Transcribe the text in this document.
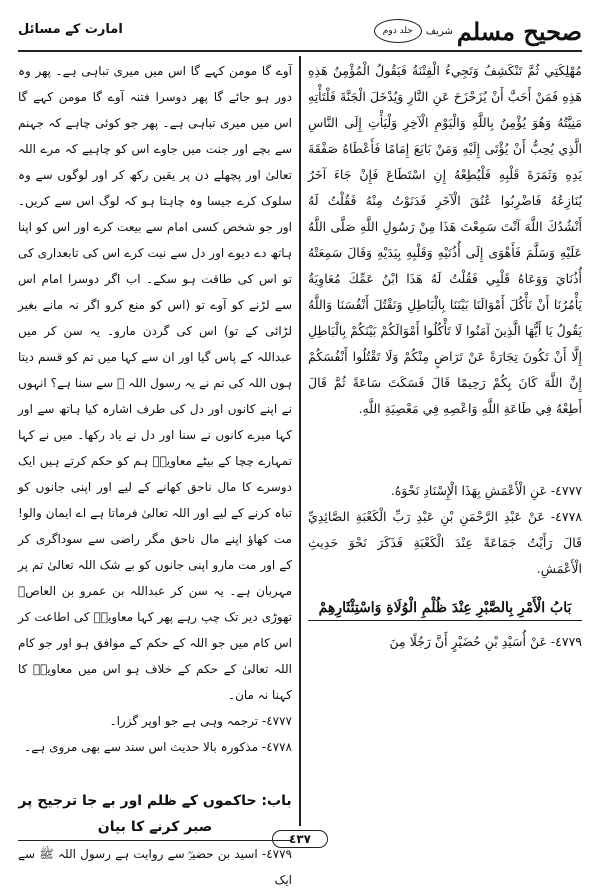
جلد دوم	شریف صحیح مسلم
امارت کے مسائل

مُهْلِكَتِي ثُمَّ تَنْكَشِفُ وَتَجِيءُ الْفِتْنَةُ فَيَقُولُ الْمُؤْمِنُ هَذِهِ هَذِهِ فَمَنْ أَحَبَّ أَنْ يُزَحْزَحَ عَنِ النَّارِ وَيُدْخَلَ الْجَنَّةَ فَلْتَأْتِهِ مَنِيَّتُهُ وَهُوَ يُؤْمِنُ بِاللَّهِ وَالْيَوْمِ الْآخِرِ وَلْيَأْتِ إِلَى النَّاسِ الَّذِي يُحِبُّ أَنْ يُؤْتَى إِلَيْهِ وَمَنْ بَايَعَ إِمَامًا فَأَعْطَاهُ صَفْقَةَ يَدِهِ وَثَمَرَةَ قَلْبِهِ فَلْيُطِعْهُ إِنِ اسْتَطَاعَ فَإِنْ جَاءَ آخَرُ يُنَازِعُهُ فَاضْرِبُوا عُنُقَ الْآخَرِ فَدَنَوْتُ مِنْهُ فَقُلْتُ لَهُ أَنْشُدُكَ اللَّهَ آنْتَ سَمِعْتَ هَذَا مِنْ رَسُولِ اللَّهِ صَلَّى اللَّهُ عَلَيْهِ وَسَلَّمَ فَأَهْوَى إِلَى أُذُنَيْهِ وَقَلْبِهِ بِيَدَيْهِ وَقَالَ سَمِعَتْهُ أُذُنَايَ وَوَعَاهُ قَلْبِي فَقُلْتُ لَهُ هَذَا ابْنُ عَمِّكَ مُعَاوِيَةُ يَأْمُرُنَا أَنْ نَأْكُلَ أَمْوَالَنَا بَيْنَنَا بِالْبَاطِلِ وَنَقْتُلَ أَنْفُسَنَا وَاللَّهُ يَقُولُ يَا أَيُّهَا الَّذِينَ آمَنُوا لَا تَأْكُلُوا أَمْوَالَكُمْ بَيْنَكُمْ بِالْبَاطِلِ إِلَّا أَنْ تَكُونَ تِجَارَةً عَنْ تَرَاضٍ مِنْكُمْ وَلَا تَقْتُلُوا أَنْفُسَكُمْ إِنَّ اللَّهَ كَانَ بِكُمْ رَحِيمًا قَالَ فَسَكَتَ سَاعَةً ثُمَّ قَالَ أَطِعْهُ فِي طَاعَةِ اللَّهِ وَاعْصِهِ فِي مَعْصِيَةِ اللَّهِ.

٤٧٧٧- عَنِ الْأَعْمَشِ بِهَذَا الْإِسْنَادِ نَحْوَهُ.

٤٧٧٨- عَنْ عَبْدِ الرَّحْمَنِ بْنِ عَبْدِ رَبِّ الْكَعْبَةِ الصَّائِدِيِّ قَالَ رَأَيْتُ جَمَاعَةً عِنْدَ الْكَعْبَةِ فَذَكَرَ نَحْوَ حَدِيثِ الْأَعْمَشِ.

بَابُ الْأَمْرِ بِالصَّبْرِ عِنْدَ ظُلْمِ الْوُلَاةِ وَاسْتِئْثَارِهِمْ

٤٧٧٩- عَنْ أُسَيْدِ بْنِ حُضَيْرٍ أَنَّ رَجُلًا مِنَ

آوے گا مومن کہے گا اس میں میری تباہی ہے۔ پھر وہ دور ہو جائے گا پھر دوسرا فتنہ آوے گا مومن کہے گا اس میں میری تباہی ہے۔ پھر جو کوئی چاہے کہ جہنم سے بچے اور جنت میں جاوے اس کو چاہیے کہ مرے اللہ تعالیٰ اور پچھلے دن پر یقین رکھ کر اور لوگوں سے وہ سلوک کرے جیسا وہ چاہتا ہو کہ لوگ اس سے کریں۔ اور جو شخص کسی امام سے بیعت کرے اور اس کو اپنا ہاتھ دے دیوے اور دل سے نیت کرے اس کی تابعداری کی تو اس کی طاقت ہو سکے۔ اب اگر دوسرا امام اس سے لڑنے کو آوے تو (اس کو منع کرو اگر نہ مانے بغیر لڑائی کے تو) اس کی گردن مارو۔ یہ سن کر میں عبداللہ کے پاس گیا اور ان سے کہا میں تم کو قسم دیتا ہوں اللہ کی تم نے یہ رسول اللہ ﷺ سے سنا ہے؟ انہوں نے اپنے کانوں اور دل کی طرف اشارہ کیا ہاتھ سے اور کہا میرے کانوں نے سنا اور دل نے یاد رکھا۔ میں نے کہا تمہارے چچا کے بیٹے معاویہؓ ہم کو حکم کرتے ہیں ایک دوسرے کا مال ناحق کھانے کے لیے اور اپنی جانوں کو تباہ کرنے کے لیے اور اللہ تعالیٰ فرماتا ہے اے ایمان والو! مت کھاؤ اپنے مال ناحق مگر راضی سے سوداگری کر کے اور مت مارو اپنی جانوں کو بے شک اللہ تعالیٰ تم پر مہربان ہے۔ یہ سن کر عبداللہ بن عمرو بن العاصؓ تھوڑی دیر تک چپ رہے پھر کہا معاویہؓ کی اطاعت کر اس کام میں جو اللہ کے حکم کے موافق ہو اور جو کام اللہ تعالیٰ کے حکم کے خلاف ہو اس میں معاویہؓ کا کہنا نہ مان۔

٤٧٧٧- ترجمہ وہی ہے جو اوپر گزرا۔

٤٧٧٨- مذکورہ بالا حدیث اس سند سے بھی مروی ہے۔

باب: حاکموں کے ظلم اور بے جا ترجیح پر صبر کرنے کا بیان

٤٧٧٩- اسید بن حضیرؓ سے روایت ہے رسول اللہ ﷺ سے ایک

٤٣٧
